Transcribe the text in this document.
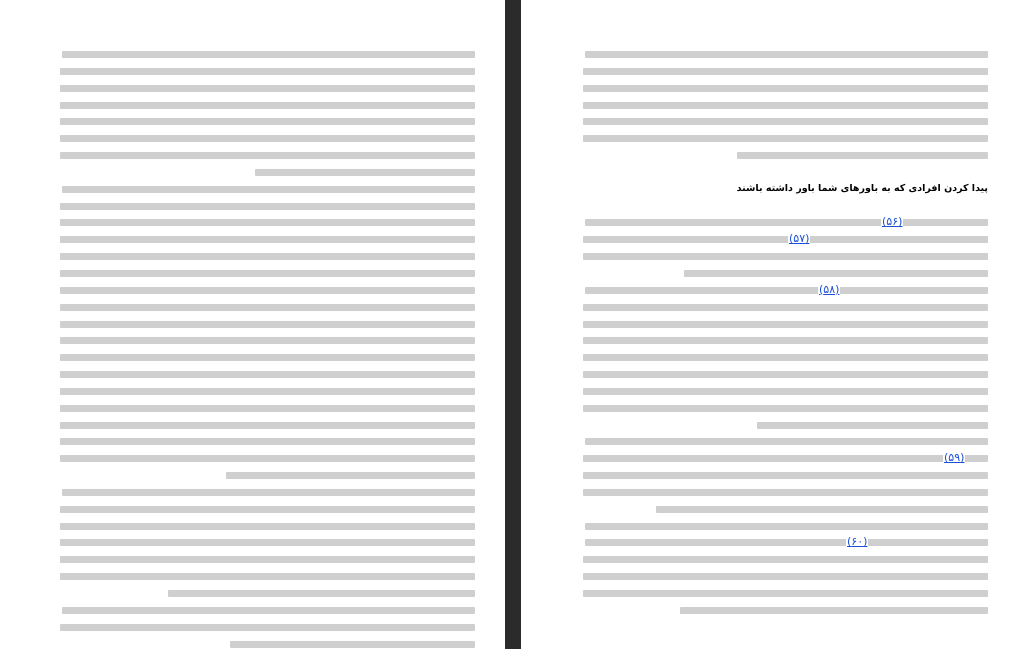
پیدا کردن افرادی که به باورهای شما باور داشته باشند
(۵۶)
(۵۷)
(۵۸)
(۵۹)
(۶۰)
